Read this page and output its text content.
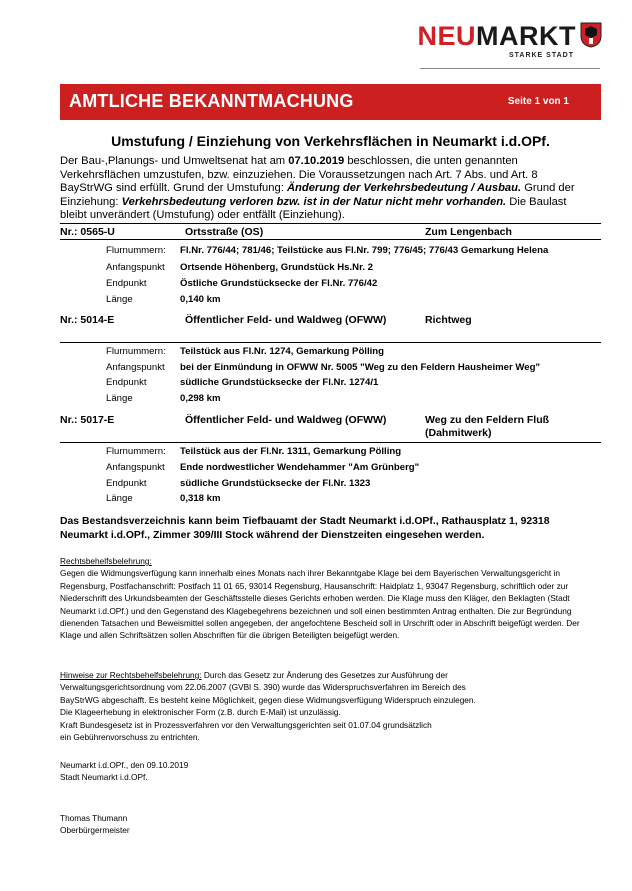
NEUMARKT
STARKE STADT
AMTLICHE BEKANNTMACHUNG	Seite 1 von 1
Umstufung / Einziehung von Verkehrsflächen in Neumarkt i.d.OPf.
Der Bau-,Planungs- und Umweltsenat hat am 07.10.2019 beschlossen, die unten genannten Verkehrsflächen umzustufen, bzw. einzuziehen. Die Voraussetzungen nach Art. 7 Abs. und Art. 8 BayStrWG sind erfüllt. Grund der Umstufung: Änderung der Verkehrsbedeutung / Ausbau. Grund der Einziehung: Verkehrsbedeutung verloren bzw. ist in der Natur nicht mehr vorhanden. Die Baulast bleibt unverändert (Umstufung) oder entfällt (Einziehung).
Nr.: 0565-U	Ortsstraße (OS)	Zum Lengenbach
Flurnummern: Fl.Nr. 776/44; 781/46; Teilstücke aus Fl.Nr. 799; 776/45; 776/43 Gemarkung Helena
Anfangspunkt Ortsende Höhenberg, Grundstück Hs.Nr. 2
Endpunkt	Östliche Grundstücksecke der Fl.Nr. 776/42
Länge	0,140 km
Nr.: 5014-E	Öffentlicher Feld- und Waldweg (OFWW)	Richtweg
Flurnummern: Teilstück aus Fl.Nr. 1274, Gemarkung Pölling
Anfangspunkt bei der Einmündung in OFWW Nr. 5005 "Weg zu den Feldern Hausheimer Weg"
Endpunkt	südliche Grundstücksecke der Fl.Nr. 1274/1
Länge	0,298 km
Nr.: 5017-E	Öffentlicher Feld- und Waldweg (OFWW)	Weg zu den Feldern Fluß (Dahmitwerk)
Flurnummern: Teilstück aus der Fl.Nr. 1311, Gemarkung Pölling
Anfangspunkt Ende nordwestlicher Wendehammer "Am Grünberg"
Endpunkt	südliche Grundstücksecke der Fl.Nr. 1323
Länge	0,318 km
Das Bestandsverzeichnis kann beim Tiefbauamt der Stadt Neumarkt i.d.OPf., Rathausplatz 1, 92318 Neumarkt i.d.OPf., Zimmer 309/III Stock während der Dienstzeiten eingesehen werden.
Rechtsbehelfsbelehrung:
Gegen die Widmungsverfügung kann innerhalb eines Monats nach ihrer Bekanntgabe Klage bei dem Bayerischen Verwaltungsgericht in Regensburg, Postfachanschrift: Postfach 11 01 65, 93014 Regensburg, Hausanschrift: Haidplatz 1, 93047 Regensburg, schriftlich oder zur Niederschrift des Urkundsbeamten der Geschäftsstelle dieses Gerichts erhoben werden. Die Klage muss den Kläger, den Beklagten (Stadt Neumarkt i.d.OPf.) und den Gegenstand des Klagebegehrens bezeichnen und soll einen bestimmten Antrag enthalten. Die zur Begründung dienenden Tatsachen und Beweismittel sollen angegeben, der angefochtene Bescheid soll in Urschrift oder in Abschrift beigefügt werden. Der Klage und allen Schriftsätzen sollen Abschriften für die übrigen Beteiligten beigefügt werden.
Hinweise zur Rechtsbehelfsbelehrung: Durch das Gesetz zur Änderung des Gesetzes zur Ausführung der
Verwaltungsgerichtsordnung vom 22.06.2007 (GVBl S. 390) wurde das Widerspruchsverfahren im Bereich des
BayStrWG abgeschafft. Es besteht keine Möglichkeit, gegen diese Widmungsverfügung Widerspruch einzulegen.
Die Klageerhebung in elektronischer Form (z.B. durch E-Mail) ist unzulässig.
Kraft Bundesgesetz ist in Prozessverfahren vor den Verwaltungsgerichten seit 01.07.04 grundsätzlich
ein Gebührenvorschuss zu entrichten.
Neumarkt i.d.OPf., den 09.10.2019
Stadt Neumarkt i.d.OPf.
Thomas Thumann
Oberbürgermeister
